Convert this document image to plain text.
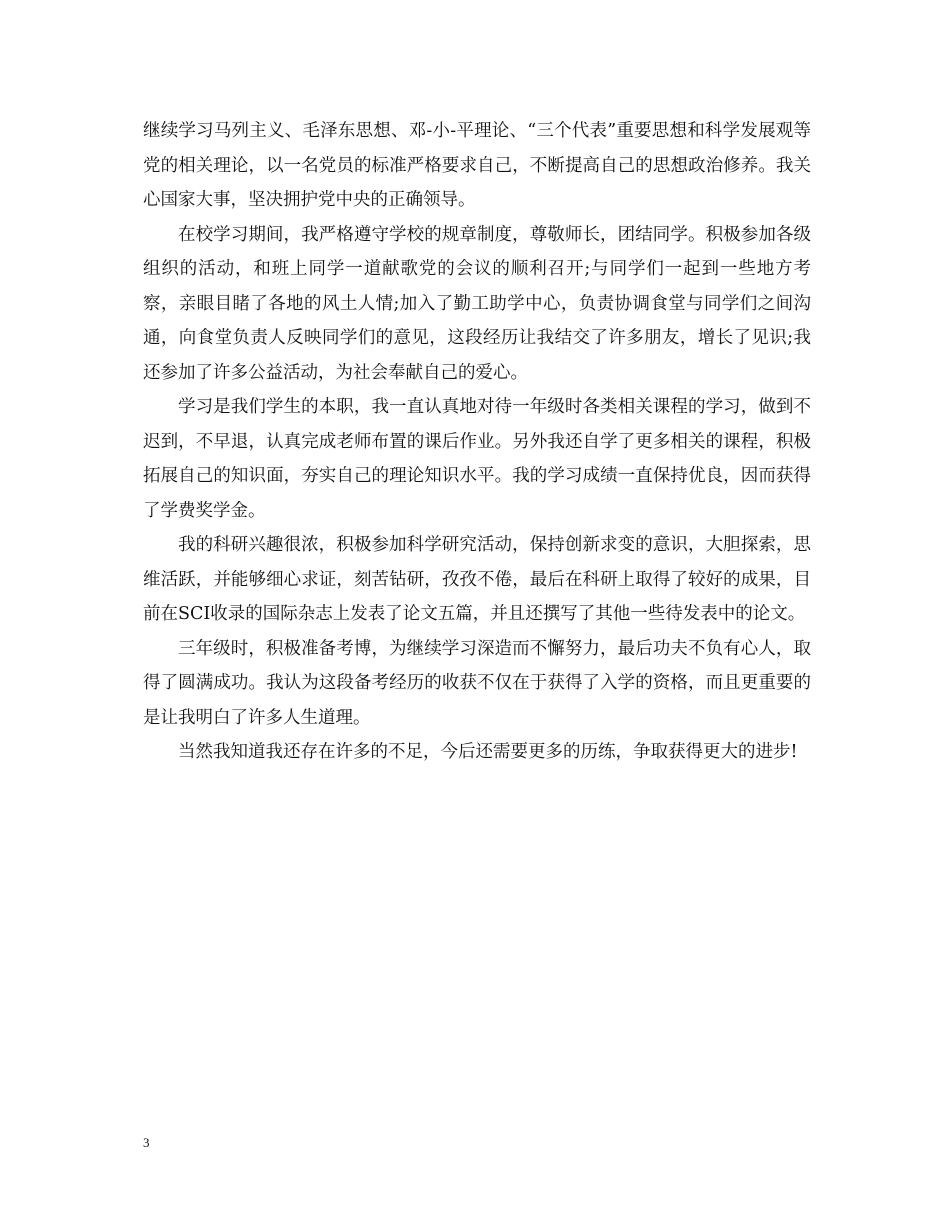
继续学习马列主义、毛泽东思想、邓-小-平理论、“三个代表”重要思想和科学发展观等党的相关理论，以一名党员的标准严格要求自己，不断提高自己的思想政治修养。我关心国家大事，坚决拥护党中央的正确领导。

在校学习期间，我严格遵守学校的规章制度，尊敬师长，团结同学。积极参加各级组织的活动，和班上同学一道献歌党的会议的顺利召开;与同学们一起到一些地方考察，亲眼目睹了各地的风土人情;加入了勤工助学中心，负责协调食堂与同学们之间沟通，向食堂负责人反映同学们的意见，这段经历让我结交了许多朋友，增长了见识;我还参加了许多公益活动，为社会奉献自己的爱心。

学习是我们学生的本职，我一直认真地对待一年级时各类相关课程的学习，做到不迟到，不早退，认真完成老师布置的课后作业。另外我还自学了更多相关的课程，积极拓展自己的知识面，夯实自己的理论知识水平。我的学习成绩一直保持优良，因而获得了学费奖学金。

我的科研兴趣很浓，积极参加科学研究活动，保持创新求变的意识，大胆探索，思维活跃，并能够细心求证，刻苦钻研，孜孜不倦，最后在科研上取得了较好的成果，目前在SCI收录的国际杂志上发表了论文五篇，并且还撰写了其他一些待发表中的论文。

三年级时，积极准备考博，为继续学习深造而不懈努力，最后功夫不负有心人，取得了圆满成功。我认为这段备考经历的收获不仅在于获得了入学的资格，而且更重要的是让我明白了许多人生道理。

当然我知道我还存在许多的不足，今后还需要更多的历练，争取获得更大的进步!

3
